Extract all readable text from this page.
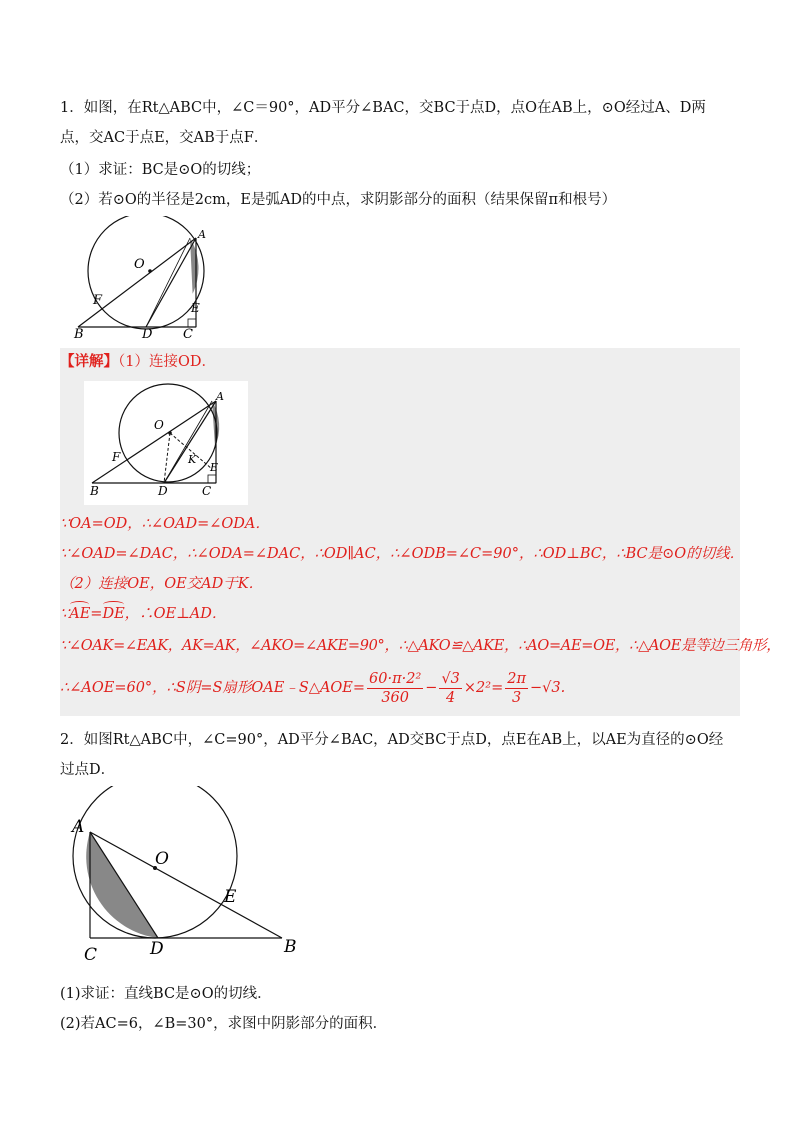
1．如图，在Rt△ABC中，∠C＝90°，AD平分∠BAC，交BC于点D，点O在AB上，⊙O经过A、D两
点，交AC于点E，交AB于点F．
（1）求证：BC是⊙O的切线；
（2）若⊙O的半径是2cm，E是弧AD的中点，求阴影部分的面积（结果保留π和根号）
O
A
F	E
B	D C
【详解】（1）连接OD．
O
A
F	K
E
B	D	C
∵OA=OD，∴∠OAD=∠ODA．
∵∠OAD=∠DAC，∴∠ODA=∠DAC，∴OD∥AC，∴∠ODB=∠C=90°，∴OD⊥BC，∴BC是⊙O的切线．
（2）连接OE，OE交AD于K．
∵AE=DE，∴OE⊥AD．
∵∠OAK=∠EAK，AK=AK，∠AKO=∠AKE=90°，∴△AKO≌△AKE，∴AO=AE=OE，∴△AOE是等边三角形，
∴∠AOE=60°，∴S阴=S扇形OAE﹣S△AOE= $\frac{\text{60·π·2²}}{360} - \frac{√3}{4} \times 2^2= \frac{2\pi}{3} -√3$.
2．如图Rt△ABC中，∠C=90°，AD平分∠BAC，AD交BC于点D，点E在AB上，以AE为直径的⊙O经
过点D．
A
O
E
C	D	B
(1)求证：直线BC是⊙O的切线．
(2)若AC=6，∠B=30°，求图中阴影部分的面积．
